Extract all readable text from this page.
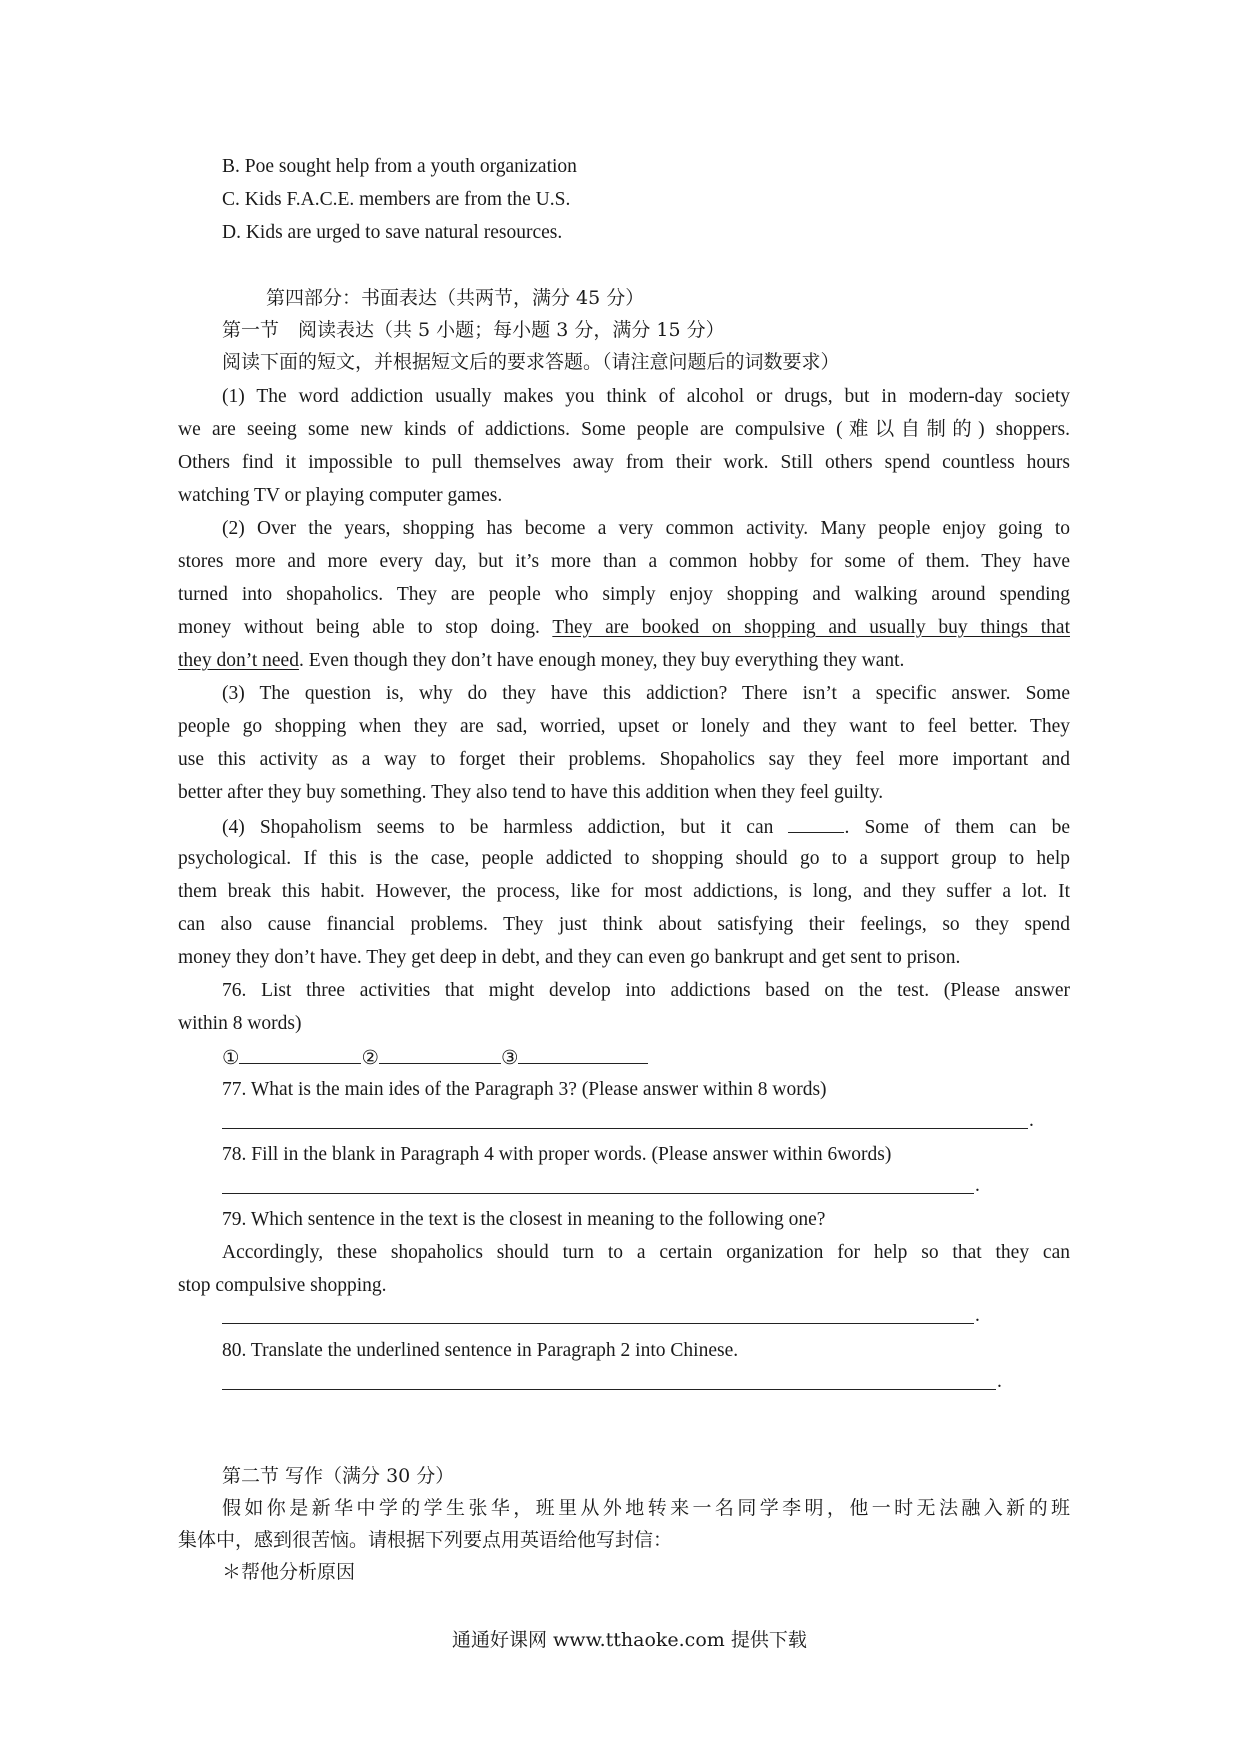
B. Poe sought help from a youth organization
C. Kids F.A.C.E. members are from the U.S.
D. Kids are urged to save natural resources.
第四部分：书面表达（共两节，满分 45 分）
第一节　阅读表达（共 5 小题；每小题 3 分，满分 15 分）
阅读下面的短文，并根据短文后的要求答题。（请注意问题后的词数要求）
(1) The word addiction usually makes you think of alcohol or drugs, but in modern-day society
we are seeing some new kinds of addictions. Some people are compulsive (难以自制的) shoppers.
Others find it impossible to pull themselves away from their work. Still others spend countless hours
watching TV or playing computer games.
(2) Over the years, shopping has become a very common activity. Many people enjoy going to
stores more and more every day, but it’s more than a common hobby for some of them. They have
turned into shopaholics. They are people who simply enjoy shopping and walking around spending
money without being able to stop doing. They are booked on shopping and usually buy things that
they don’t need. Even though they don’t have enough money, they buy everything they want.
(3) The question is, why do they have this addiction? There isn’t a specific answer. Some
people go shopping when they are sad, worried, upset or lonely and they want to feel better. They
use this activity as a way to forget their problems. Shopaholics say they feel more important and
better after they buy something. They also tend to have this addition when they feel guilty.
(4) Shopaholism seems to be harmless addiction, but it can	. Some of them can be
psychological. If this is the case, people addicted to shopping should go to a support group to help
them break this habit. However, the process, like for most addictions, is long, and they suffer a lot. It
can also cause financial problems. They just think about satisfying their feelings, so they spend
money they don’t have. They get deep in debt, and they can even go bankrupt and get sent to prison.
76. List three activities that might develop into addictions based on the test. (Please answer
within 8 words)
①	②	③
77. What is the main ides of the Paragraph 3? (Please answer within 8 words)
.
78. Fill in the blank in Paragraph 4 with proper words. (Please answer within 6words)
.
79. Which sentence in the text is the closest in meaning to the following one?
Accordingly, these shopaholics should turn to a certain organization for help so that they can
stop compulsive shopping.
.
80. Translate the underlined sentence in Paragraph 2 into Chinese.
.
第二节 写作（满分 30 分）
假如你是新华中学的学生张华，班里从外地转来一名同学李明，他一时无法融入新的班
集体中，感到很苦恼。请根据下列要点用英语给他写封信：
＊帮他分析原因
通通好课网 www.tthaoke.com 提供下载
